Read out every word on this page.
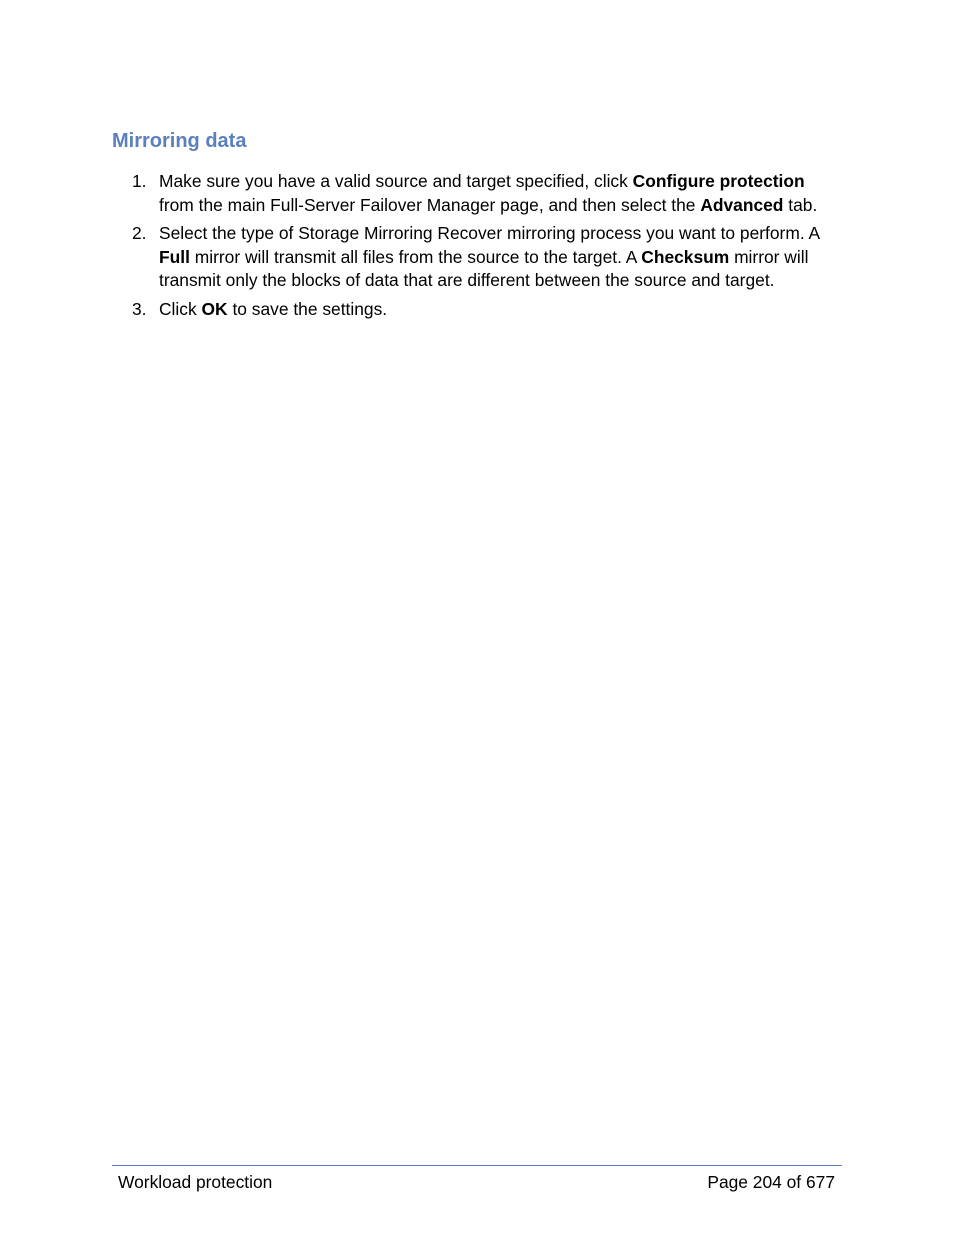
Mirroring data
1. Make sure you have a valid source and target specified, click Configure protection from the main Full-Server Failover Manager page, and then select the Advanced tab.
2. Select the type of Storage Mirroring Recover mirroring process you want to perform. A Full mirror will transmit all files from the source to the target. A Checksum mirror will transmit only the blocks of data that are different between the source and target.
3. Click OK to save the settings.
Workload protection	Page 204 of 677
